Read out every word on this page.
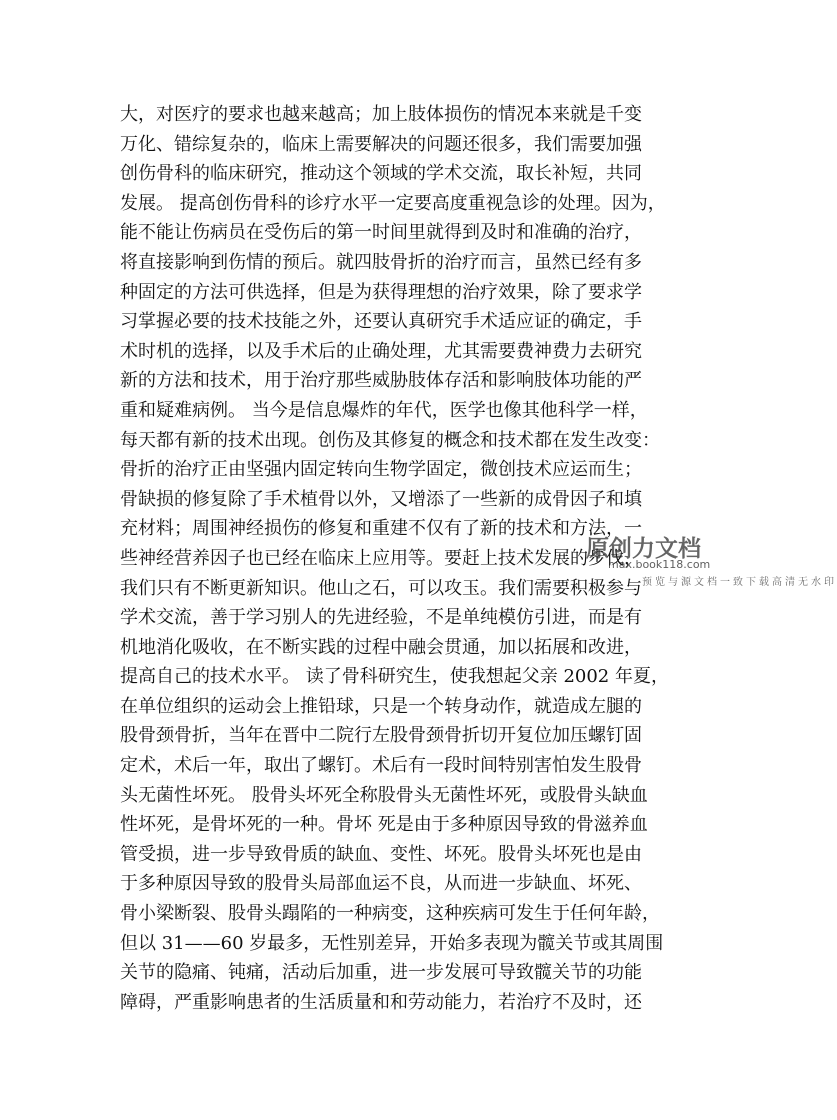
大，对医疗的要求也越来越高；加上肢体损伤的情况本来就是千变
万化、错综复杂的，临床上需要解决的问题还很多，我们需要加强
创伤骨科的临床研究，推动这个领域的学术交流，取长补短，共同
发展。 提高创伤骨科的诊疗水平一定要高度重视急诊的处理。因为，
能不能让伤病员在受伤后的第一时间里就得到及时和准确的治疗，
将直接影响到伤情的预后。就四肢骨折的治疗而言，虽然已经有多
种固定的方法可供选择，但是为获得理想的治疗效果，除了要求学
习掌握必要的技术技能之外，还要认真研究手术适应证的确定，手
术时机的选择，以及手术后的止确处理，尤其需要费神费力去研究
新的方法和技术，用于治疗那些威胁肢体存活和影响肢体功能的严
重和疑难病例。 当今是信息爆炸的年代，医学也像其他科学一样，
每天都有新的技术出现。创伤及其修复的概念和技术都在发生改变：
骨折的治疗正由坚强内固定转向生物学固定，微创技术应运而生；
骨缺损的修复除了手术植骨以外，又增添了一些新的成骨因子和填
充材料；周围神经损伤的修复和重建不仅有了新的技术和方法，一
些神经营养因子也已经在临床上应用等。要赶上技术发展的步伐，
我们只有不断更新知识。他山之石，可以攻玉。我们需要积极参与
学术交流，善于学习别人的先进经验，不是单纯模仿引进，而是有
机地消化吸收，在不断实践的过程中融会贯通，加以拓展和改进，
提高自己的技术水平。 读了骨科研究生，使我想起父亲 2002 年夏，
在单位组织的运动会上推铅球，只是一个转身动作，就造成左腿的
股骨颈骨折，当年在晋中二院行左股骨颈骨折切开复位加压螺钉固
定术，术后一年，取出了螺钉。术后有一段时间特别害怕发生股骨
头无菌性坏死。 股骨头坏死全称股骨头无菌性坏死，或股骨头缺血
性坏死，是骨坏死的一种。骨坏 死是由于多种原因导致的骨滋养血
管受损，进一步导致骨质的缺血、变性、坏死。股骨头坏死也是由
于多种原因导致的股骨头局部血运不良，从而进一步缺血、坏死、
骨小梁断裂、股骨头蹋陷的一种病变，这种疾病可发生于任何年龄，
但以 31——60 岁最多，无性别差异，开始多表现为髋关节或其周围
关节的隐痛、钝痛，活动后加重，进一步发展可导致髋关节的功能
障碍，严重影响患者的生活质量和和劳动能力，若治疗不及时，还
原创力文档
max.book118.com
预览与源文档一致下载高清无水印
